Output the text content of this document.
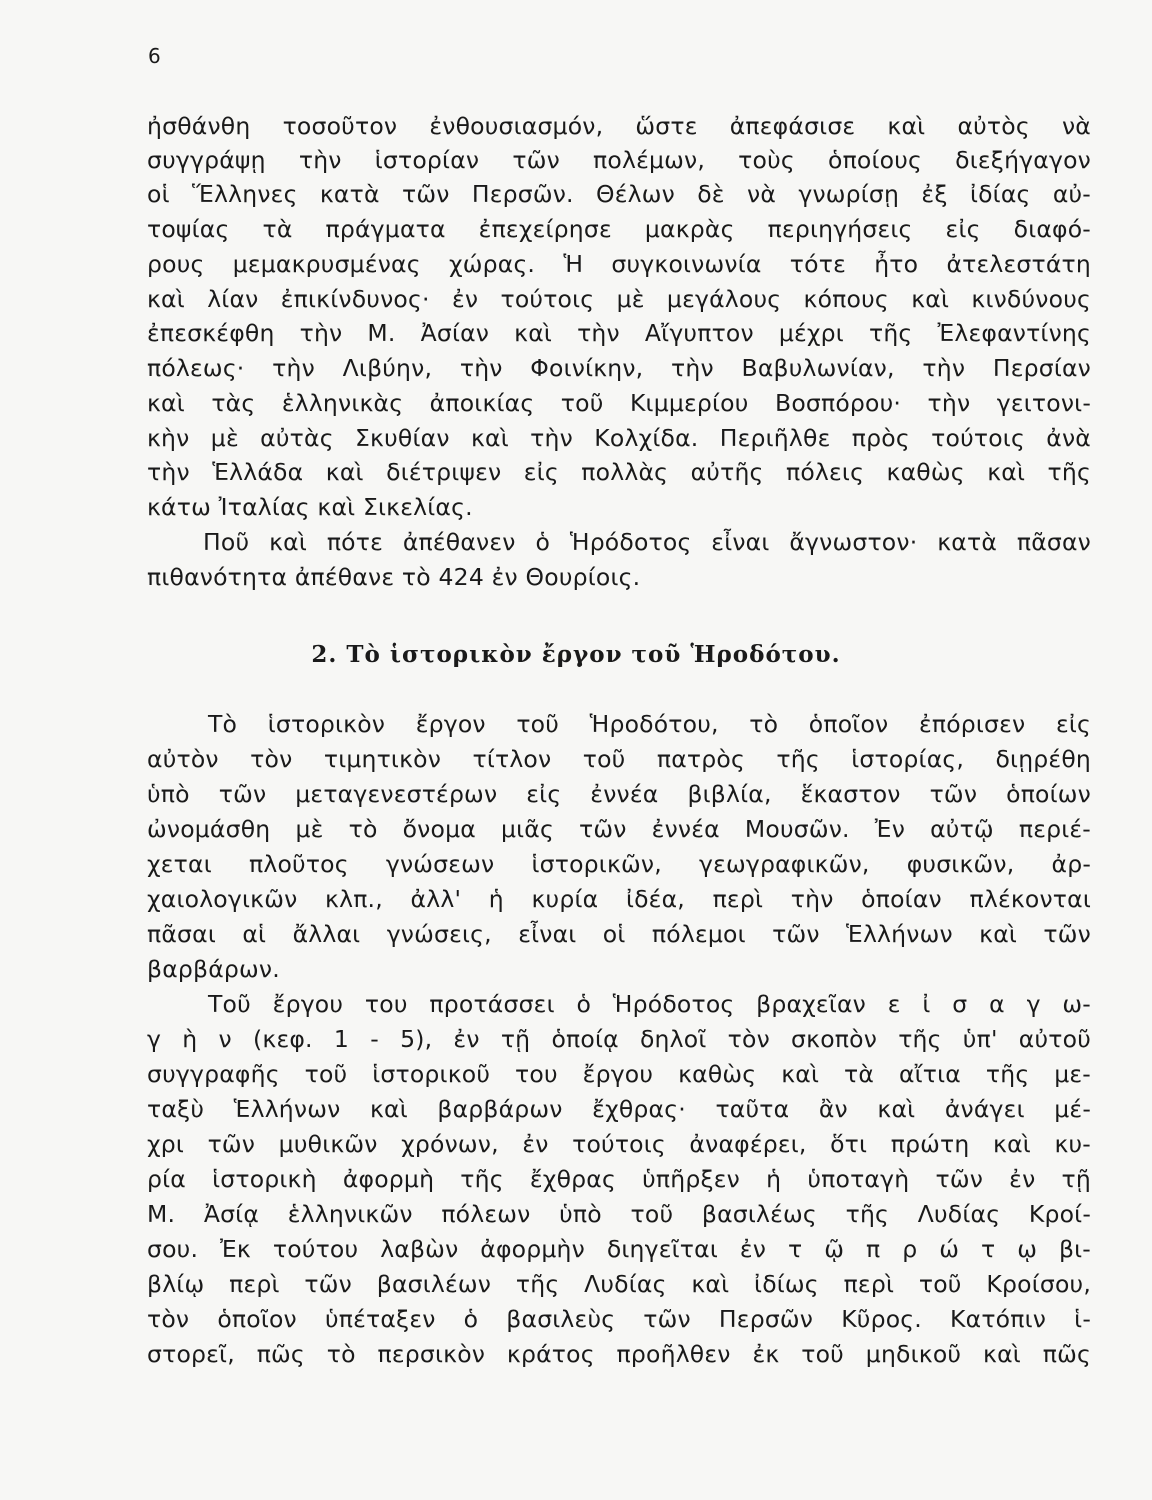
6
ἠσθάνθη τοσοῦτον ἐνθουσιασμόν, ὥστε ἀπεφάσισε καὶ αὐτὸς νὰ
συγγράψῃ τὴν ἱστορίαν τῶν πολέμων, τοὺς ὁποίους διεξήγαγον
οἱ Ἕλληνες κατὰ τῶν Περσῶν. Θέλων δὲ νὰ γνωρίσῃ ἐξ ἰδίας αὐ-
τοψίας τὰ πράγματα ἐπεχείρησε μακρὰς περιηγήσεις εἰς διαφό-
ρους μεμακρυσμένας χώρας. Ἡ συγκοινωνία τότε ἦτο ἀτελεστάτη
καὶ λίαν ἐπικίνδυνος· ἐν τούτοις μὲ μεγάλους κόπους καὶ κινδύνους
ἐπεσκέφθη τὴν Μ. Ἀσίαν καὶ τὴν Αἴγυπτον μέχρι τῆς Ἐλεφαντίνης
πόλεως· τὴν Λιβύην, τὴν Φοινίκην, τὴν Βαβυλωνίαν, τὴν Περσίαν
καὶ τὰς ἑλληνικὰς ἀποικίας τοῦ Κιμμερίου Βοσπόρου· τὴν γειτονι-
κὴν μὲ αὐτὰς Σκυθίαν καὶ τὴν Κολχίδα. Περιῆλθε πρὸς τούτοις ἀνὰ
τὴν Ἑλλάδα καὶ διέτριψεν εἰς πολλὰς αὐτῆς πόλεις καθὼς καὶ τῆς
κάτω Ἰταλίας καὶ Σικελίας.
Ποῦ καὶ πότε ἀπέθανεν ὁ Ἡρόδοτος εἶναι ἄγνωστον· κατὰ πᾶσαν
πιθανότητα ἀπέθανε τὸ 424 ἐν Θουρίοις.
2. Τὸ ἱστορικὸν ἔργον τοῦ Ἡροδότου.
Τὸ ἱστορικὸν ἔργον τοῦ Ἡροδότου, τὸ ὁποῖον ἐπόρισεν εἰς
αὐτὸν τὸν τιμητικὸν τίτλον τοῦ πατρὸς τῆς ἱστορίας, διῃρέθη
ὑπὸ τῶν μεταγενεστέρων εἰς ἐννέα βιβλία, ἕκαστον τῶν ὁποίων
ὠνομάσθη μὲ τὸ ὄνομα μιᾶς τῶν ἐννέα Μουσῶν. Ἐν αὐτῷ περιέ-
χεται πλοῦτος γνώσεων ἱστορικῶν, γεωγραφικῶν, φυσικῶν, ἀρ-
χαιολογικῶν κλπ., ἀλλ' ἡ κυρία ἰδέα, περὶ τὴν ὁποίαν πλέκονται
πᾶσαι αἱ ἄλλαι γνώσεις, εἶναι οἱ πόλεμοι τῶν Ἑλλήνων καὶ τῶν
βαρβάρων.
Τοῦ ἔργου του προτάσσει ὁ Ἡρόδοτος βραχεῖαν ε ἰ σ α γ ω-
γ ὴ ν (κεφ. 1 - 5), ἐν τῇ ὁποίᾳ δηλοῖ τὸν σκοπὸν τῆς ὑπ' αὐτοῦ
συγγραφῆς τοῦ ἱστορικοῦ του ἔργου καθὼς καὶ τὰ αἴτια τῆς με-
ταξὺ Ἑλλήνων καὶ βαρβάρων ἔχθρας· ταῦτα ἂν καὶ ἀνάγει μέ-
χρι τῶν μυθικῶν χρόνων, ἐν τούτοις ἀναφέρει, ὅτι πρώτη καὶ κυ-
ρία ἱστορικὴ ἀφορμὴ τῆς ἔχθρας ὑπῆρξεν ἡ ὑποταγὴ τῶν ἐν τῇ
Μ. Ἀσίᾳ ἑλληνικῶν πόλεων ὑπὸ τοῦ βασιλέως τῆς Λυδίας Κροί-
σου. Ἐκ τούτου λαβὼν ἀφορμὴν διηγεῖται ἐν τ ῷ π ρ ώ τ ῳ βι-
βλίῳ περὶ τῶν βασιλέων τῆς Λυδίας καὶ ἰδίως περὶ τοῦ Κροίσου,
τὸν ὁποῖον ὑπέταξεν ὁ βασιλεὺς τῶν Περσῶν Κῦρος. Κατόπιν ἱ-
στορεῖ, πῶς τὸ περσικὸν κράτος προῆλθεν ἐκ τοῦ μηδικοῦ καὶ πῶς
